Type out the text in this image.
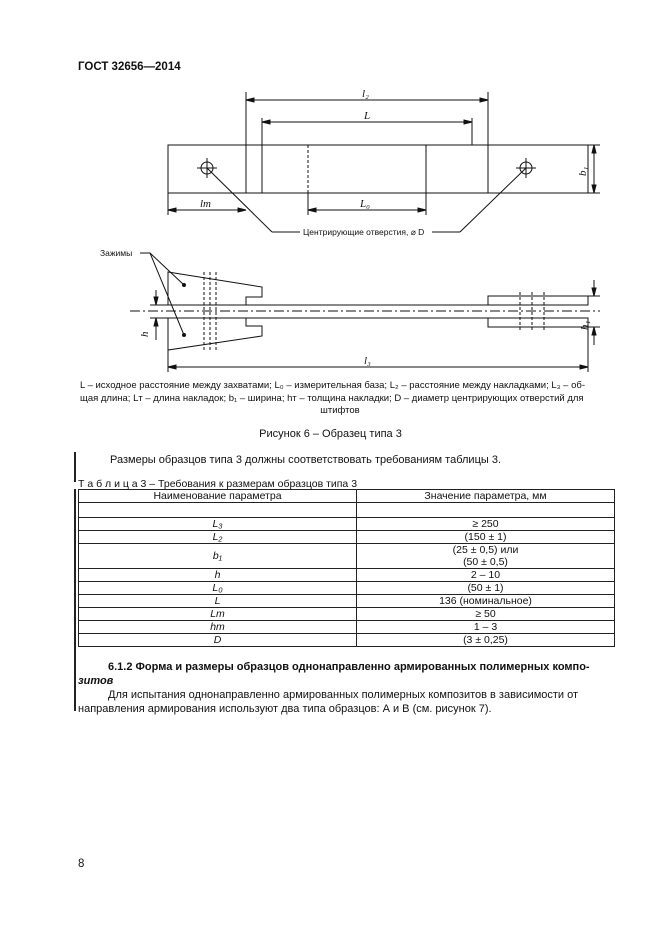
ГОСТ 32656—2014
l₂
L
b₁
lт	L₀
Центрирующие отверстия, ⌀ D
Зажимы
h
h₁
l₃
L – исходное расстояние между захватами; L₀ – измерительная база; L₂ – расстояние между накладками; L₃ – об-
щая длина; Lт – длина накладок; b₁ – ширина; hт – толщина накладки; D – диаметр центрирующих отверстий для
штифтов
Рисунок 6 – Образец типа 3
Размеры образцов типа 3 должны соответствовать требованиям таблицы 3.
Т а б л и ц а 3 – Требования к размерам образцов типа 3
Наименование параметра	Значение параметра, мм

L₃	≥ 250
L₂	(150 ± 1)
b₁	(25 ± 0,5) или
(50 ± 0,5)

h	2 – 10
L₀	(50 ± 1)
L	136 (номинальное)
Lт	≥ 50
hт	1 – 3
D	(3 ± 0,25)
6.1.2 Форма и размеры образцов однонаправленно армированных полимерных компо-
зитов
Для испытания однонаправленно армированных полимерных композитов в зависимости от
направления армирования используют два типа образцов: А и В (см. рисунок 7).
8
